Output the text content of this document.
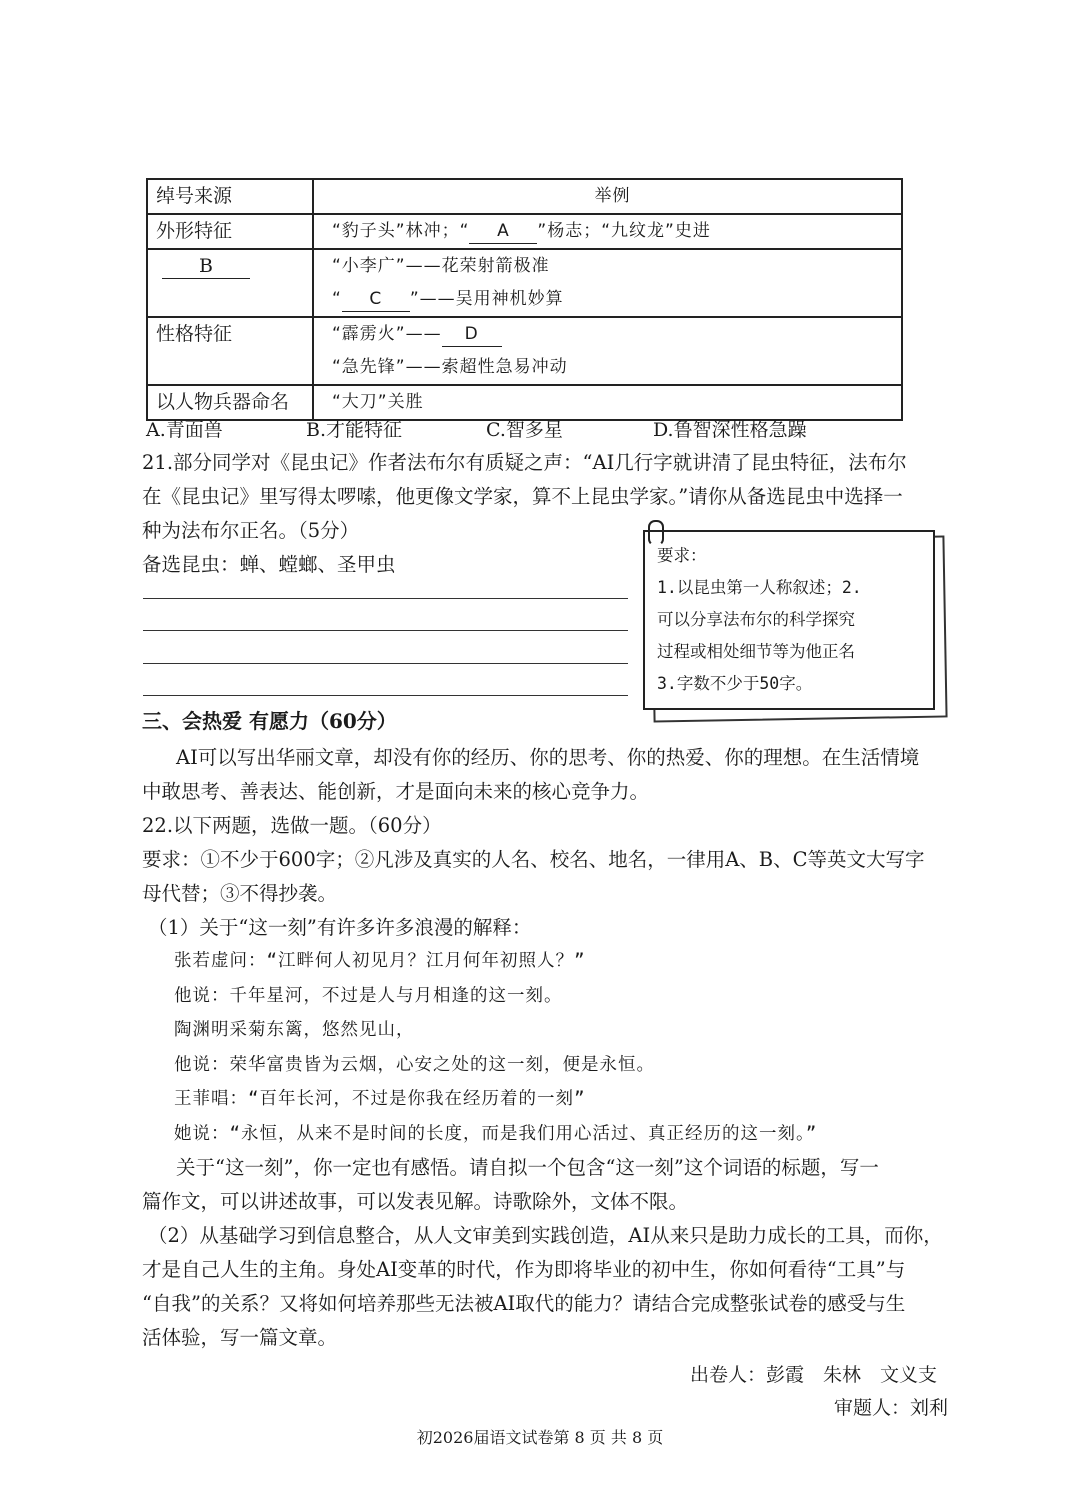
绰号来源	举例

外形特征	“豹子头”林冲；“ A ”杨志；“九纹龙”史进

B	“小李广”——花荣射箭极准
“ C ”——吴用神机妙算

性格特征	“霹雳火”—— D
“急先锋”——索超性急易冲动

以人物兵器命名	“大刀”关胜
A.青面兽	B.才能特征	C.智多星	D.鲁智深性格急躁

21.部分同学对《昆虫记》作者法布尔有质疑之声：“AI几行字就讲清了昆虫特征，法布尔

在《昆虫记》里写得太啰嗦，他更像文学家，算不上昆虫学家。”请你从备选昆虫中选择一

种为法布尔正名。（5分）

备选昆虫：蝉、螳螂、圣甲虫	要求：

1.以昆虫第一人称叙述；2.

可以分享法布尔的科学探究

过程或相处细节等为他正名

3.字数不少于50字。

三、会热爱 有愿力（60分）

AI可以写出华丽文章，却没有你的经历、你的思考、你的热爱、你的理想。在生活情境

中敢思考、善表达、能创新，才是面向未来的核心竞争力。

22.以下两题，选做一题。（60分）

要求：①不少于600字；②凡涉及真实的人名、校名、地名，一律用A、B、C等英文大写字

母代替；③不得抄袭。

（1）关于“这一刻”有许多许多浪漫的解释：

张若虚问：“江畔何人初见月？江月何年初照人？”

他说：千年星河，不过是人与月相逢的这一刻。

陶渊明采菊东篱，悠然见山，

他说：荣华富贵皆为云烟，心安之处的这一刻，便是永恒。

王菲唱：“百年长河，不过是你我在经历着的一刻”

她说：“永恒，从来不是时间的长度，而是我们用心活过、真正经历的这一刻。”

关于“这一刻”，你一定也有感悟。请自拟一个包含“这一刻”这个词语的标题，写一

篇作文，可以讲述故事，可以发表见解。诗歌除外，文体不限。

（2）从基础学习到信息整合，从人文审美到实践创造，AI从来只是助力成长的工具，而你，

才是自己人生的主角。身处AI变革的时代，作为即将毕业的初中生，你如何看待“工具”与

“自我”的关系？又将如何培养那些无法被AI取代的能力？请结合完成整张试卷的感受与生

活体验，写一篇文章。

出卷人：彭霞　朱林　文义支
审题人：刘利
初2026届语文试卷第 8 页 共 8 页
